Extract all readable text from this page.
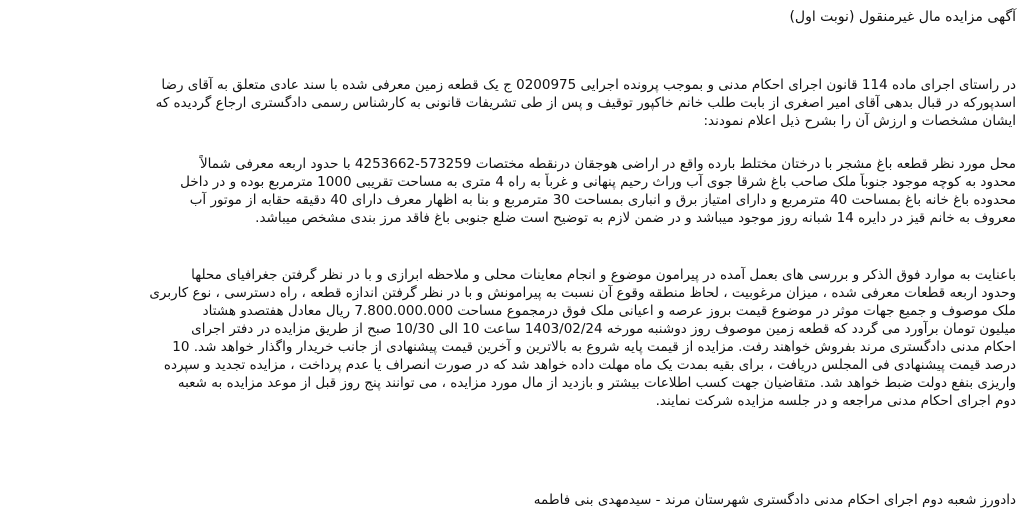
آگهی مزایده مال غیرمنقول (نوبت اول)
در راستای اجرای ماده 114 قانون اجرای احکام مدنی و بموجب پرونده اجرایی 0200975 ج یک قطعه زمین معرفی شده با سند عادی متعلق به آقای رضا
اسدپورکه در قبال بدهی آقای امیر اصغری از بابت طلب خانم خاکپور توقیف و پس از طی تشریفات قانونی به کارشناس رسمی دادگستری ارجاع گردیده که
ایشان مشخصات و ارزش آن را بشرح ذیل اعلام نمودند:
محل مورد نظر قطعه باغ مشجر با درختان مختلط بارده واقع در اراضی هوجقان درنقطه مختصات 573259-4253662 با حدود اربعه معرفی شمالاً
محدود به کوچه موجود جنوباً ملک صاحب باغ شرقا جوی آب وراث رحیم پنهانی و غرباً به راه 4 متری به مساحت تقریبی 1000 مترمربع بوده و در داخل
محدوده باغ خانه باغ بمساحت 40 مترمربع و دارای امتیاز برق و انباری بمساحت 30 مترمربع و بنا به اظهار معرف دارای 40 دقیقه حقابه از موتور آب
معروف به خانم قیز در دایره 14 شبانه روز موجود میباشد و در ضمن لازم به توضیح است ضلع جنوبی باغ فاقد مرز بندی مشخص میباشد.
باعنایت به موارد فوق الذکر و بررسی های بعمل آمده در پیرامون موضوع و انجام معاینات محلی و ملاحظه ابرازی و با در نظر گرفتن جغرافیای محلها
وحدود اربعه قطعات معرفی شده ، میزان مرغوبیت ، لحاظ منطقه وقوع آن نسبت به پیرامونش و با در نظر گرفتن اندازه قطعه ، راه دسترسی ، نوع کاربری
ملک موصوف و جمیع جهات موثر در موضوع قیمت بروز عرصه و اعیانی ملک فوق درمجموع مساحت 7.800.000.000 ریال معادل هفتصدو هشتاد
میلیون تومان برآورد می گردد که قطعه زمین موصوف روز دوشنبه مورخه 1403/02/24 ساعت 10 الی 10/30 صبح از طریق مزایده در دفتر اجرای
احکام مدنی دادگستری مرند بفروش خواهند رفت. مزایده از قیمت پایه شروع به بالاترین و آخرین قیمت پیشنهادی از جانب خریدار واگذار خواهد شد. 10
درصد قیمت پیشنهادی فی المجلس دریافت ، برای بقیه بمدت یک ماه مهلت داده خواهد شد که در صورت انصراف یا عدم پرداخت ، مزایده تجدید و سپرده
واریزی بنفع دولت ضبط خواهد شد. متقاضیان جهت کسب اطلاعات بیشتر و بازدید از مال مورد مزایده ، می توانند پنج روز قبل از موعد مزایده به شعبه
دوم اجرای احکام مدنی مراجعه و در جلسه مزایده شرکت نمایند.
دادورز شعبه دوم اجرای احکام مدنی دادگستری شهرستان مرند - سیدمهدی بنی فاطمه
